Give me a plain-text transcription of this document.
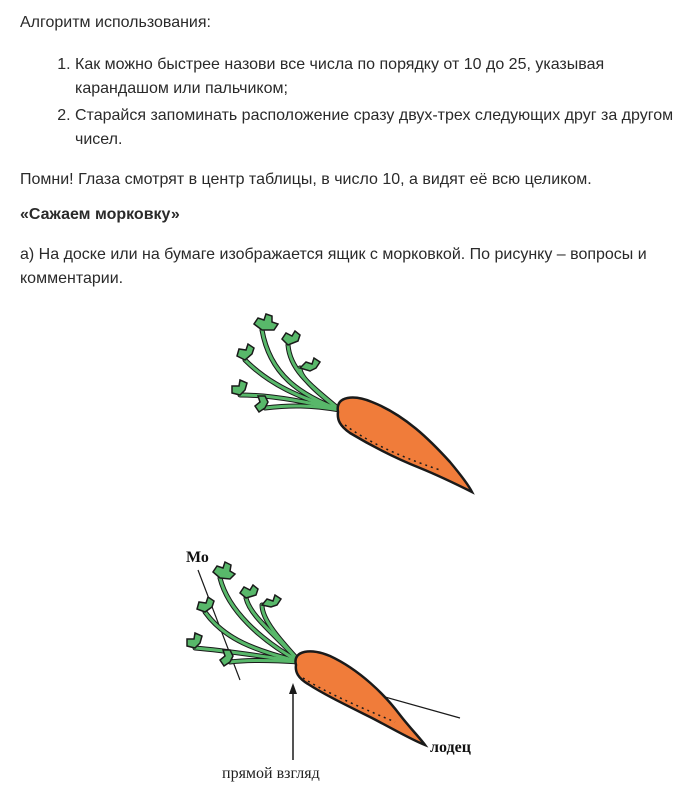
Алгоритм использования:

1. Как можно быстрее назови все числа по порядку от 10 до 25, указывая карандашом или пальчиком;
2. Старайся запоминать расположение сразу двух-трех следующих друг за другом чисел.

Помни! Глаза смотрят в центр таблицы, в число 10, а видят её всю целиком.

«Сажаем морковку»

а) На доске или на бумаге изображается ящик с морковкой. По рисунку – вопросы и комментарии.

Мо
лодец
прямой взгляд
